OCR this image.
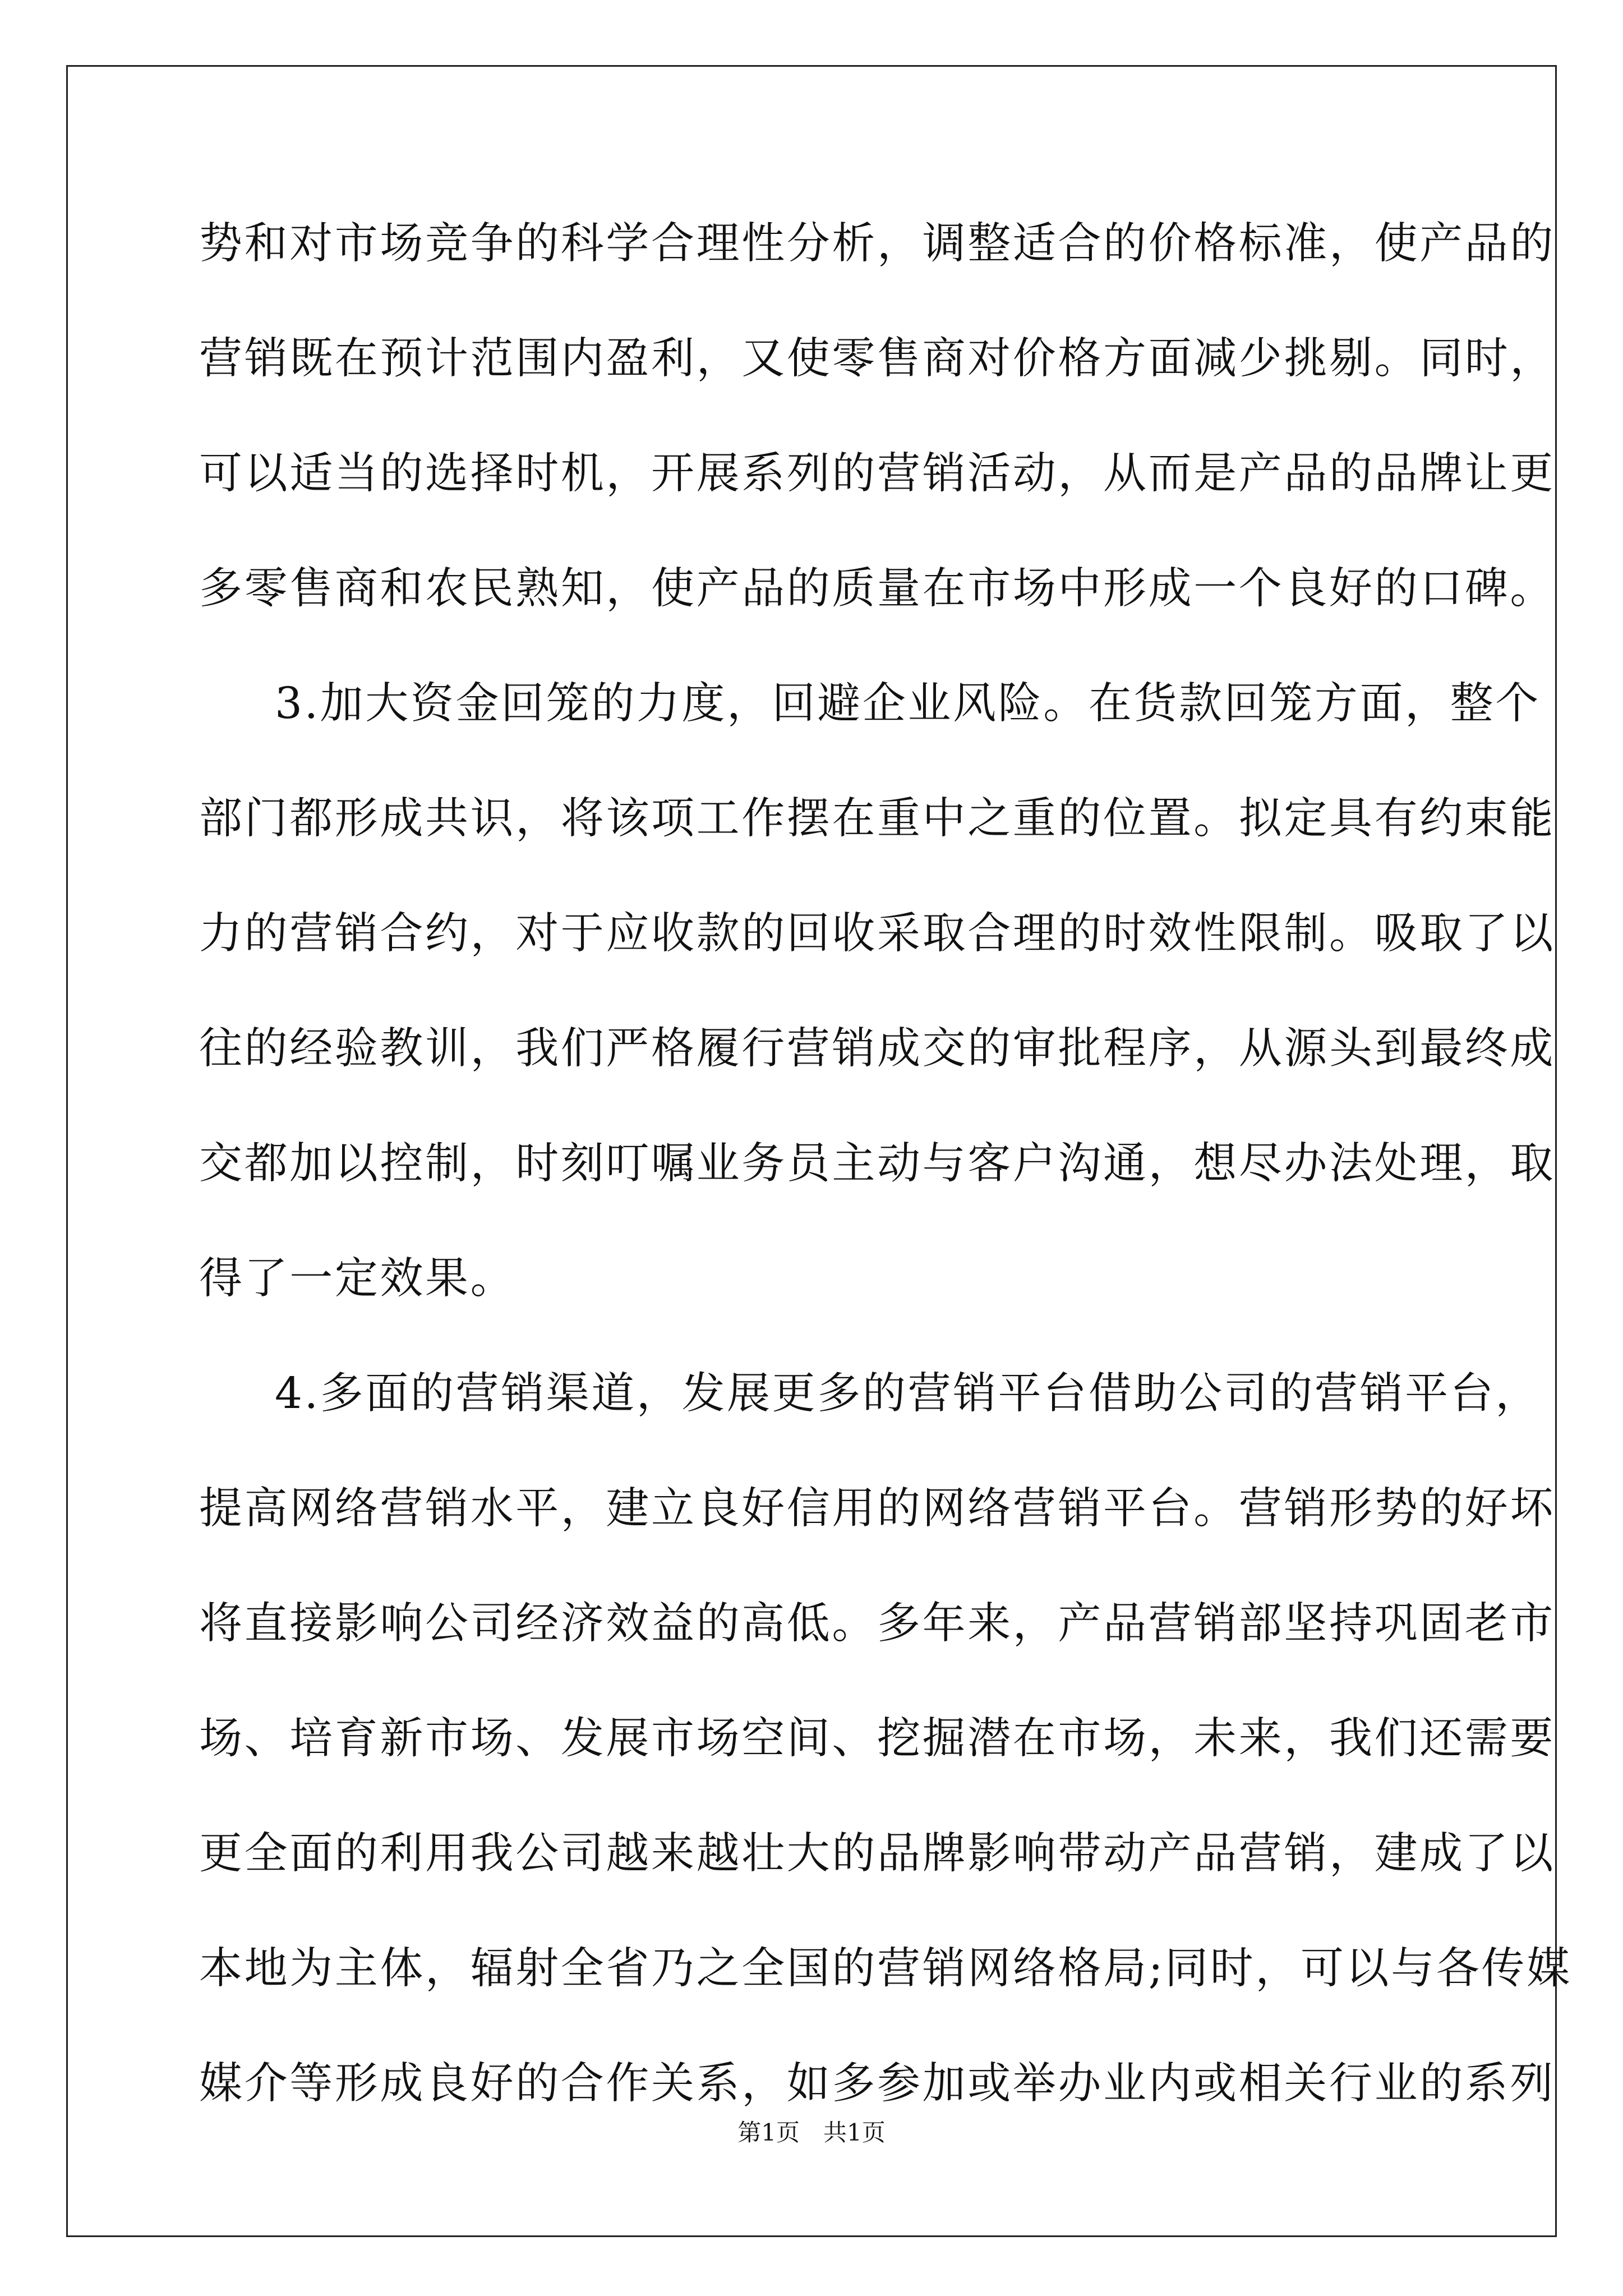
势和对市场竞争的科学合理性分析，调整适合的价格标准，使产品的
营销既在预计范围内盈利，又使零售商对价格方面减少挑剔。同时，
可以适当的选择时机，开展系列的营销活动，从而是产品的品牌让更
多零售商和农民熟知，使产品的质量在市场中形成一个良好的口碑。
3.加大资金回笼的力度，回避企业风险。在货款回笼方面，整个
部门都形成共识，将该项工作摆在重中之重的位置。拟定具有约束能
力的营销合约，对于应收款的回收采取合理的时效性限制。吸取了以
往的经验教训，我们严格履行营销成交的审批程序，从源头到最终成
交都加以控制，时刻叮嘱业务员主动与客户沟通，想尽办法处理，取
得了一定效果。
4.多面的营销渠道，发展更多的营销平台借助公司的营销平台，
提高网络营销水平，建立良好信用的网络营销平台。营销形势的好坏
将直接影响公司经济效益的高低。多年来，产品营销部坚持巩固老市
场、培育新市场、发展市场空间、挖掘潜在市场，未来，我们还需要
更全面的利用我公司越来越壮大的品牌影响带动产品营销，建成了以
本地为主体，辐射全省乃之全国的营销网络格局;同时，可以与各传媒
媒介等形成良好的合作关系，如多参加或举办业内或相关行业的系列
第1页　共1页
